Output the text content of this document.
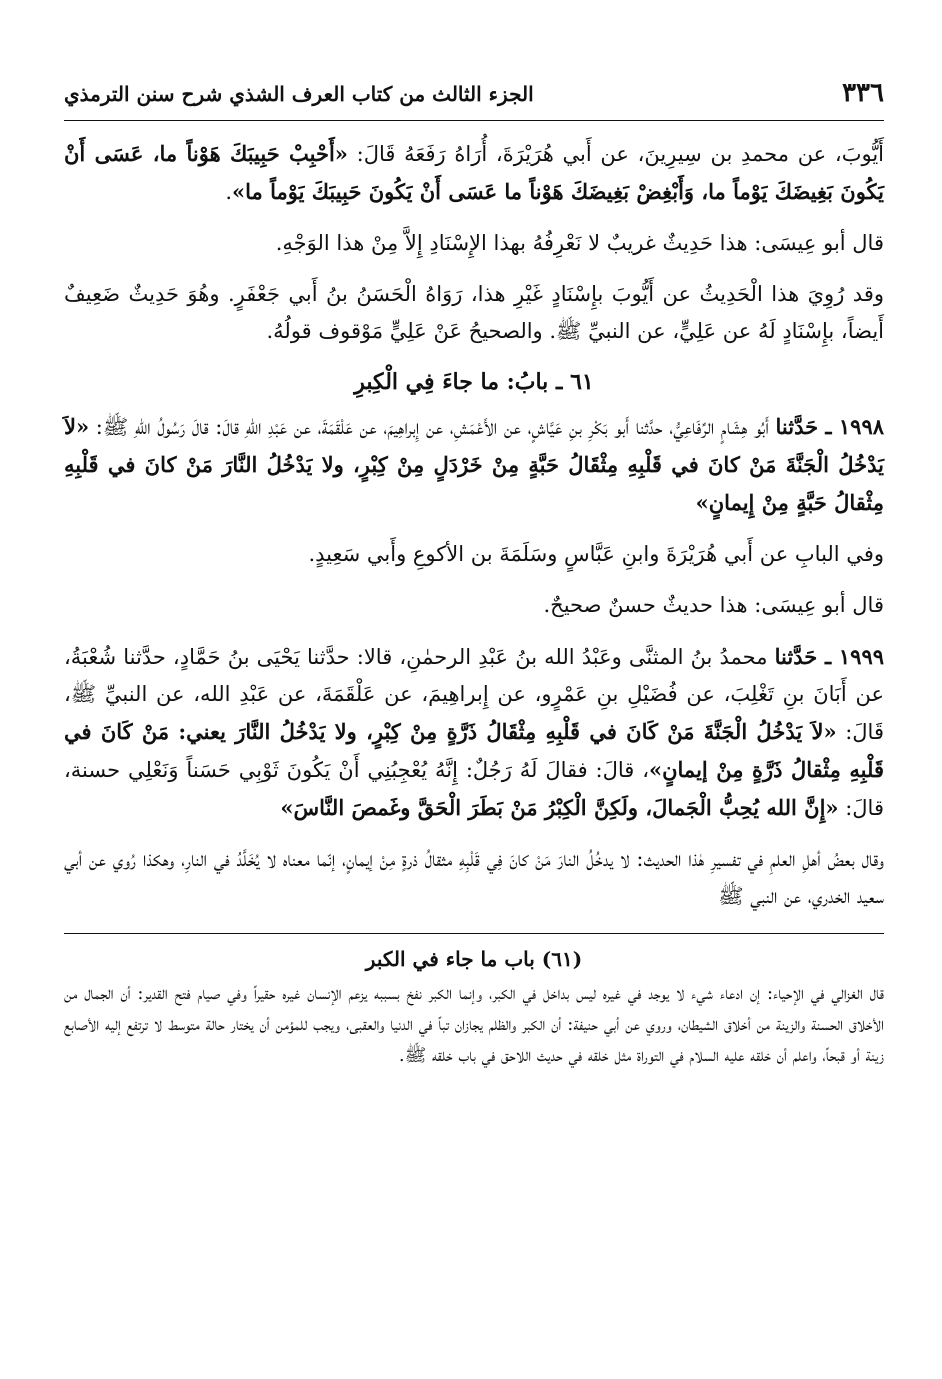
٣٣٦
الجزء الثالث من كتاب العرف الشذي شرح سنن الترمذي

أَيُّوبَ، عن محمدِ بن سِيرِينَ، عن أَبي هُرَيْرَةَ، أُرَاهُ رَفَعَهُ قَالَ: «أَحْبِبْ حَبِيبَكَ هَوْناً ما، عَسَى أَنْ يَكُونَ بَغِيضَكَ يَوْماً ما، وَأَبْغِضْ بَغِيضَكَ هَوْناً ما عَسَى أَنْ يَكُونَ حَبِيبَكَ يَوْماً ما».

قال أبو عِيسَى: هذا حَدِيثٌ غريبٌ لا نَعْرِفُهُ بهذا الإِسْنَادِ إِلاَّ مِنْ هذا الوَجْهِ.

وقد رُوِيَ هذا الْحَدِيثُ عن أَيُّوبَ بإِسْنَادٍ غَيْرِ هذا، رَوَاهُ الْحَسَنُ بنُ أَبي جَعْفَرٍ. وهُوَ حَدِيثٌ ضَعِيفٌ أَيضاً، بإِسْنَادٍ لَهُ عن عَلِيٍّ، عن النبيِّ ﷺ. والصحيحُ عَنْ عَلِيٍّ مَوْقوف قولُهُ.

٦١ ـ بابُ: ما جاءَ فِي الْكِبرِ

١٩٩٨ ـ حَدَّثنا أَبُو هِشَامٍ الرِّفَاعِيُّ، حدَّثنا أَبو بَكْرِ بنِ عَيَّاشٍ، عن الأَعْمَشِ، عن إِبراهِيمَ، عن عَلْقَمَةَ، عن عَبْدِ اللهِ قالَ: قالَ رَسُولُ اللهِ ﷺ: «لاَ يَدْخُلُ الْجَنَّةَ مَنْ كانَ في قَلْبِهِ مِثْقَالُ حَبَّةٍ مِنْ خَرْدَلٍ مِنْ كِبْرٍ، ولا يَدْخُلُ النَّارَ مَنْ كانَ في قَلْبِهِ مِثْقالُ حَبَّةٍ مِنْ إِيمانٍ»

وفي البابِ عن أَبي هُرَيْرَةَ وابنِ عَبَّاسٍ وسَلَمَةَ بن الأكوعِ وأَبي سَعِيدٍ.

قال أبو عِيسَى: هذا حديثٌ حسنٌ صحيحٌ.

١٩٩٩ ـ حَدَّثنا محمدُ بنُ المثنَّى وعَبْدُ الله بنُ عَبْدِ الرحمٰنِ، قالا: حدَّثنا يَحْيَى بنُ حَمَّادٍ، حدَّثنا شُعْبَةُ، عن أَبَانَ بنِ تَغْلِبَ، عن فُضَيْلِ بنِ عَمْرٍو، عن إِبراهِيمَ، عن عَلْقَمَةَ، عن عَبْدِ الله، عن النبيِّ ﷺ، قَالَ: «لاَ يَدْخُلُ الْجَنَّةَ مَنْ كَانَ في قَلْبِهِ مِثْقَالُ ذَرَّةٍ مِنْ كِبْرٍ، ولا يَدْخُلُ النَّارَ يعني: مَنْ كَانَ في قَلْبِهِ مِثْقالُ ذَرَّةٍ مِنْ إيمانٍ»، قالَ: فقالَ لَهُ رَجُلٌ: إِنَّهُ يُعْجِبُنِي أَنْ يَكُونَ ثَوْبِي حَسَناً وَنَعْلِي حسنة، قالَ: «إِنَّ الله يُحِبُّ الْجَمالَ، ولَكِنَّ الْكِبْرُ مَنْ بَطَرَ الْحَقَّ وغَمصَ النَّاسَ»

وقال بعضُ أهلِ العلمِ في تفسيرِ هٰذا الحديث: لا يدخُلُ النارَ مَنْ كانَ فِي قَلْبِهِ مثقالُ ذرةٍ مِنْ إيمانٍ، إنّما معناه لا يُخَلَّدُ في النارِ، وهكذا رُوي عن أبي سعيد الخدري، عن النبي ﷺ

(٦١) باب ما جاء في الكبر

قال الغزالي في الإحياء: إن ادعاء شيء لا يوجد في غيره ليس بداخل في الكبر، وإنما الكبر نفخ بسببه يزعم الإنسان غيره حقيراً وفي صيام فتح القدير: أن الجمال من الأخلاق الحسنة والزينة من أخلاق الشيطان، وروي عن أبي حنيفة: أن الكبر والظلم يجازان تباً في الدنيا والعقبى، ويجب للمؤمن أن يختار حالة متوسط لا ترتفع إليه الأصابع زينة أو قبحاً، واعلم أن خلقه عليه السلام في التوراة مثل خلقه في حديث اللاحق في باب خلقه ﷺ.
